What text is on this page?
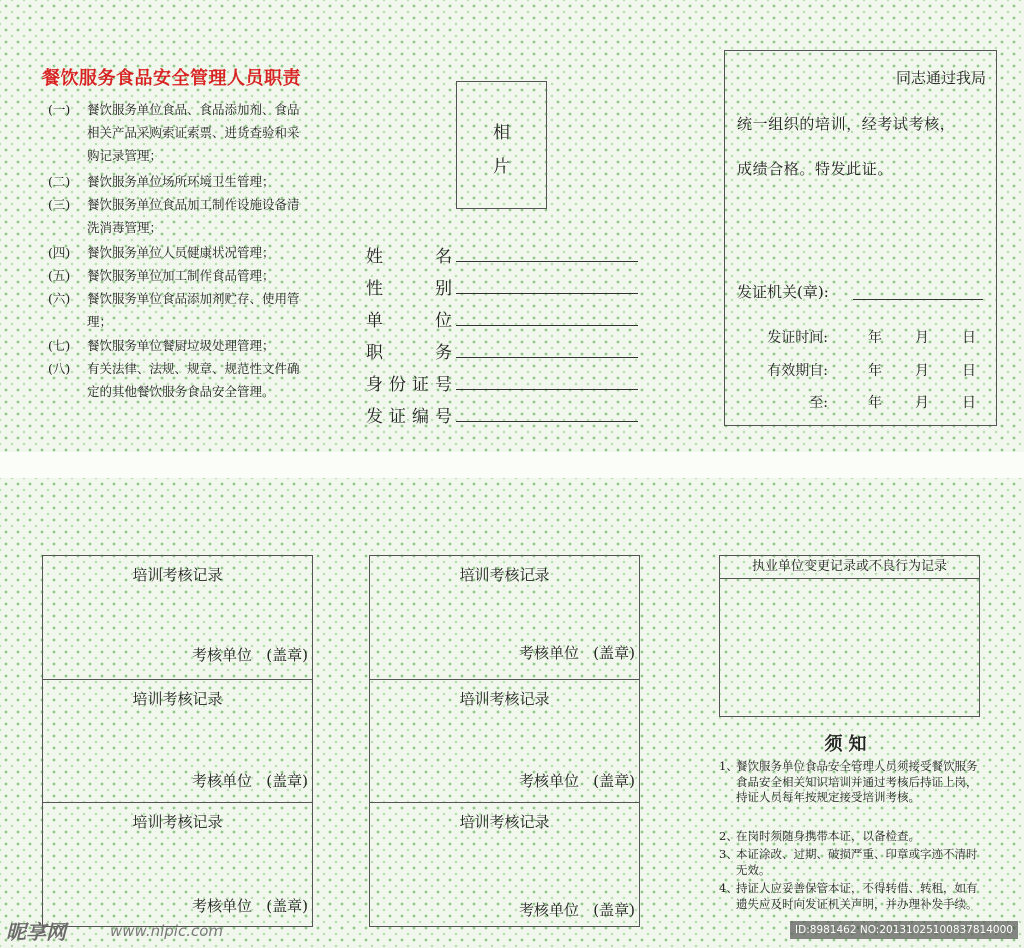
餐饮服务食品安全管理人员职责
(一)	餐饮服务单位食品、食品添加剂、食品相关产品采购索证索票、进货查验和采购记录管理；
(二)	餐饮服务单位场所环境卫生管理；
(三)	餐饮服务单位食品加工制作设施设备清洗消毒管理；
(四)	餐饮服务单位人员健康状况管理；
(五)	餐饮服务单位加工制作食品管理；
(六)	餐饮服务单位食品添加剂贮存、使用管理；
(七)	餐饮服务单位餐厨垃圾处理管理；
(八)	有关法律、法规、规章、规范性文件确定的其他餐饮服务食品安全管理。
相
片
姓	名
性	别
单	位
职	务
身 份 证 号
发 证 编 号
同志通过我局
统一组织的培训，经考试考核，
成绩合格。特发此证。
发证机关(章):
发证时间:	年 月 日
有效期自:	年 月 日
至:	年 月 日
培训考核记录
考核单位 (盖章)
培训考核记录
考核单位 (盖章)
培训考核记录
考核单位 (盖章)
培训考核记录
考核单位 (盖章)
培训考核记录
考核单位 (盖章)
培训考核记录
考核单位 (盖章)
执业单位变更记录或不良行为记录
须知
1、
餐饮服务单位食品安全管理人员须接受餐饮服务食品安全相关知识培训并通过考核后持证上岗，持证人员每年按规定接受培训考核。
2、
在岗时须随身携带本证，以备检查。
3、
本证涂改、过期、破损严重、印章或字迹不清时无效。
4、
持证人应妥善保管本证，不得转借、转租，如有遗失应及时向发证机关声明，并办理补发手续。
昵享网	www.nipic.com	ID:8981462 NO:20131025100837814000
